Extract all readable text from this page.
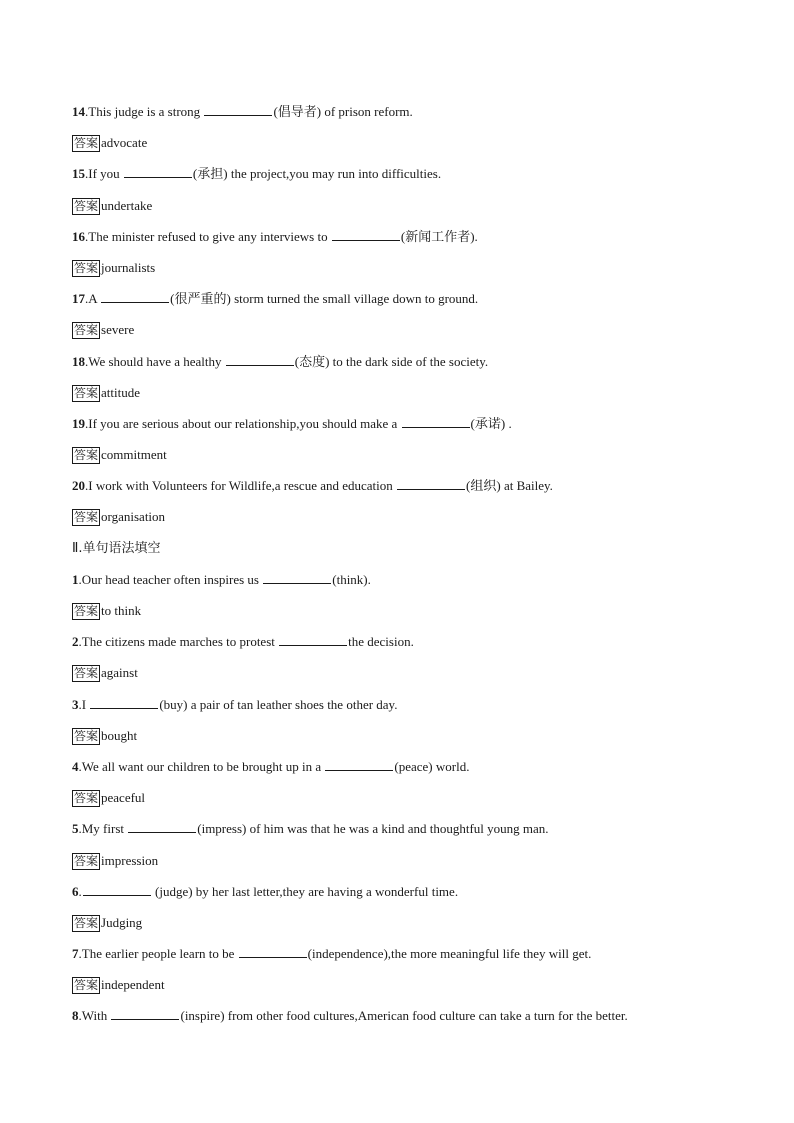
14.This judge is a strong	(倡导者) of prison reform.
答案 advocate
15.If you	(承担) the project,you may run into difficulties.
答案 undertake
16.The minister refused to give any interviews to	(新闻工作者).
答案 journalists
17.A	(很严重的) storm turned the small village down to ground.
答案 severe
18.We should have a healthy	(态度) to the dark side of the society.
答案 attitude
19.If you are serious about our relationship,you should make a	(承诺) .
答案 commitment
20.I work with Volunteers for Wildlife,a rescue and education	(组织) at Bailey.
答案 organisation
Ⅱ.单句语法填空
1.Our head teacher often inspires us	(think).
答案 to think
2.The citizens made marches to protest	the decision.
答案 against
3.I	(buy) a pair of tan leather shoes the other day.
答案 bought
4.We all want our children to be brought up in a	(peace) world.
答案 peaceful
5.My first	(impress) of him was that he was a kind and thoughtful young man.
答案 impression
6.	(judge) by her last letter,they are having a wonderful time.
答案 Judging
7.The earlier people learn to be	(independence),the more meaningful life they will get.
答案 independent
8.With	(inspire) from other food cultures,American food culture can take a turn for the better.
